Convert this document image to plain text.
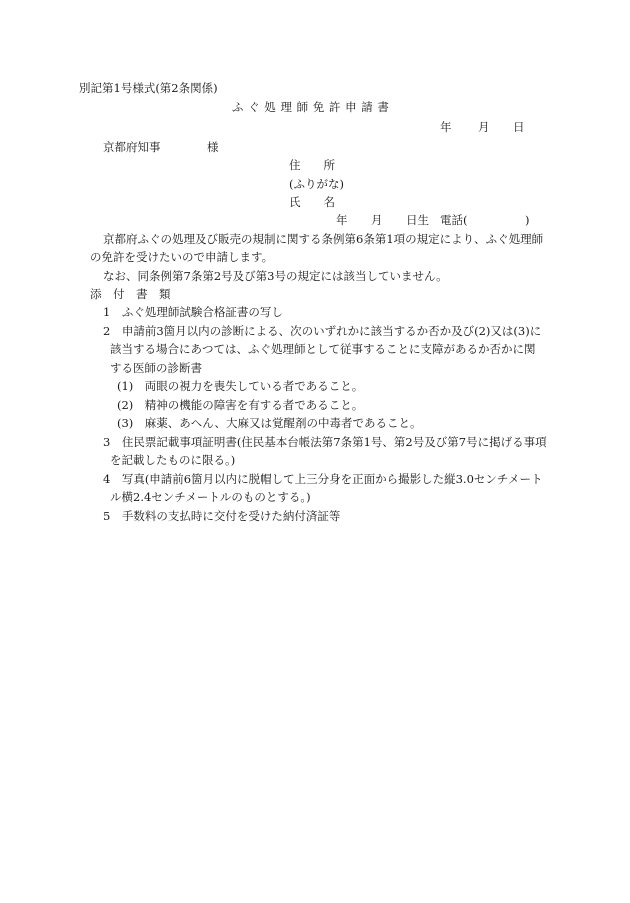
別記第1号様式(第2条関係)
ふ ぐ 処 理 師 免 許 申 請 書
年 月 日
京都府知事	様
住　　所
(ふりがな)
氏　　名
年 月 日生 電話(　　　　　)
京都府ふぐの処理及び販売の規制に関する条例第6条第1項の規定により、ふぐ処理師
の免許を受けたいので申請します。
なお、同条例第7条第2号及び第3号の規定には該当していません。
添　付　書　類
1　ふぐ処理師試験合格証書の写し
2　申請前3箇月以内の診断による、次のいずれかに該当するか否か及び(2)又は(3)に
該当する場合にあつては、ふぐ処理師として従事することに支障があるか否かに関
する医師の診断書
(1)　両眼の視力を喪失している者であること。
(2)　精神の機能の障害を有する者であること。
(3)　麻薬、あへん、大麻又は覚醒剤の中毒者であること。
3　住民票記載事項証明書(住民基本台帳法第7条第1号、第2号及び第7号に掲げる事項
を記載したものに限る。)
4　写真(申請前6箇月以内に脱帽して上三分身を正面から撮影した縦3.0センチメート
ル横2.4センチメートルのものとする。)
5　手数料の支払時に交付を受けた納付済証等
